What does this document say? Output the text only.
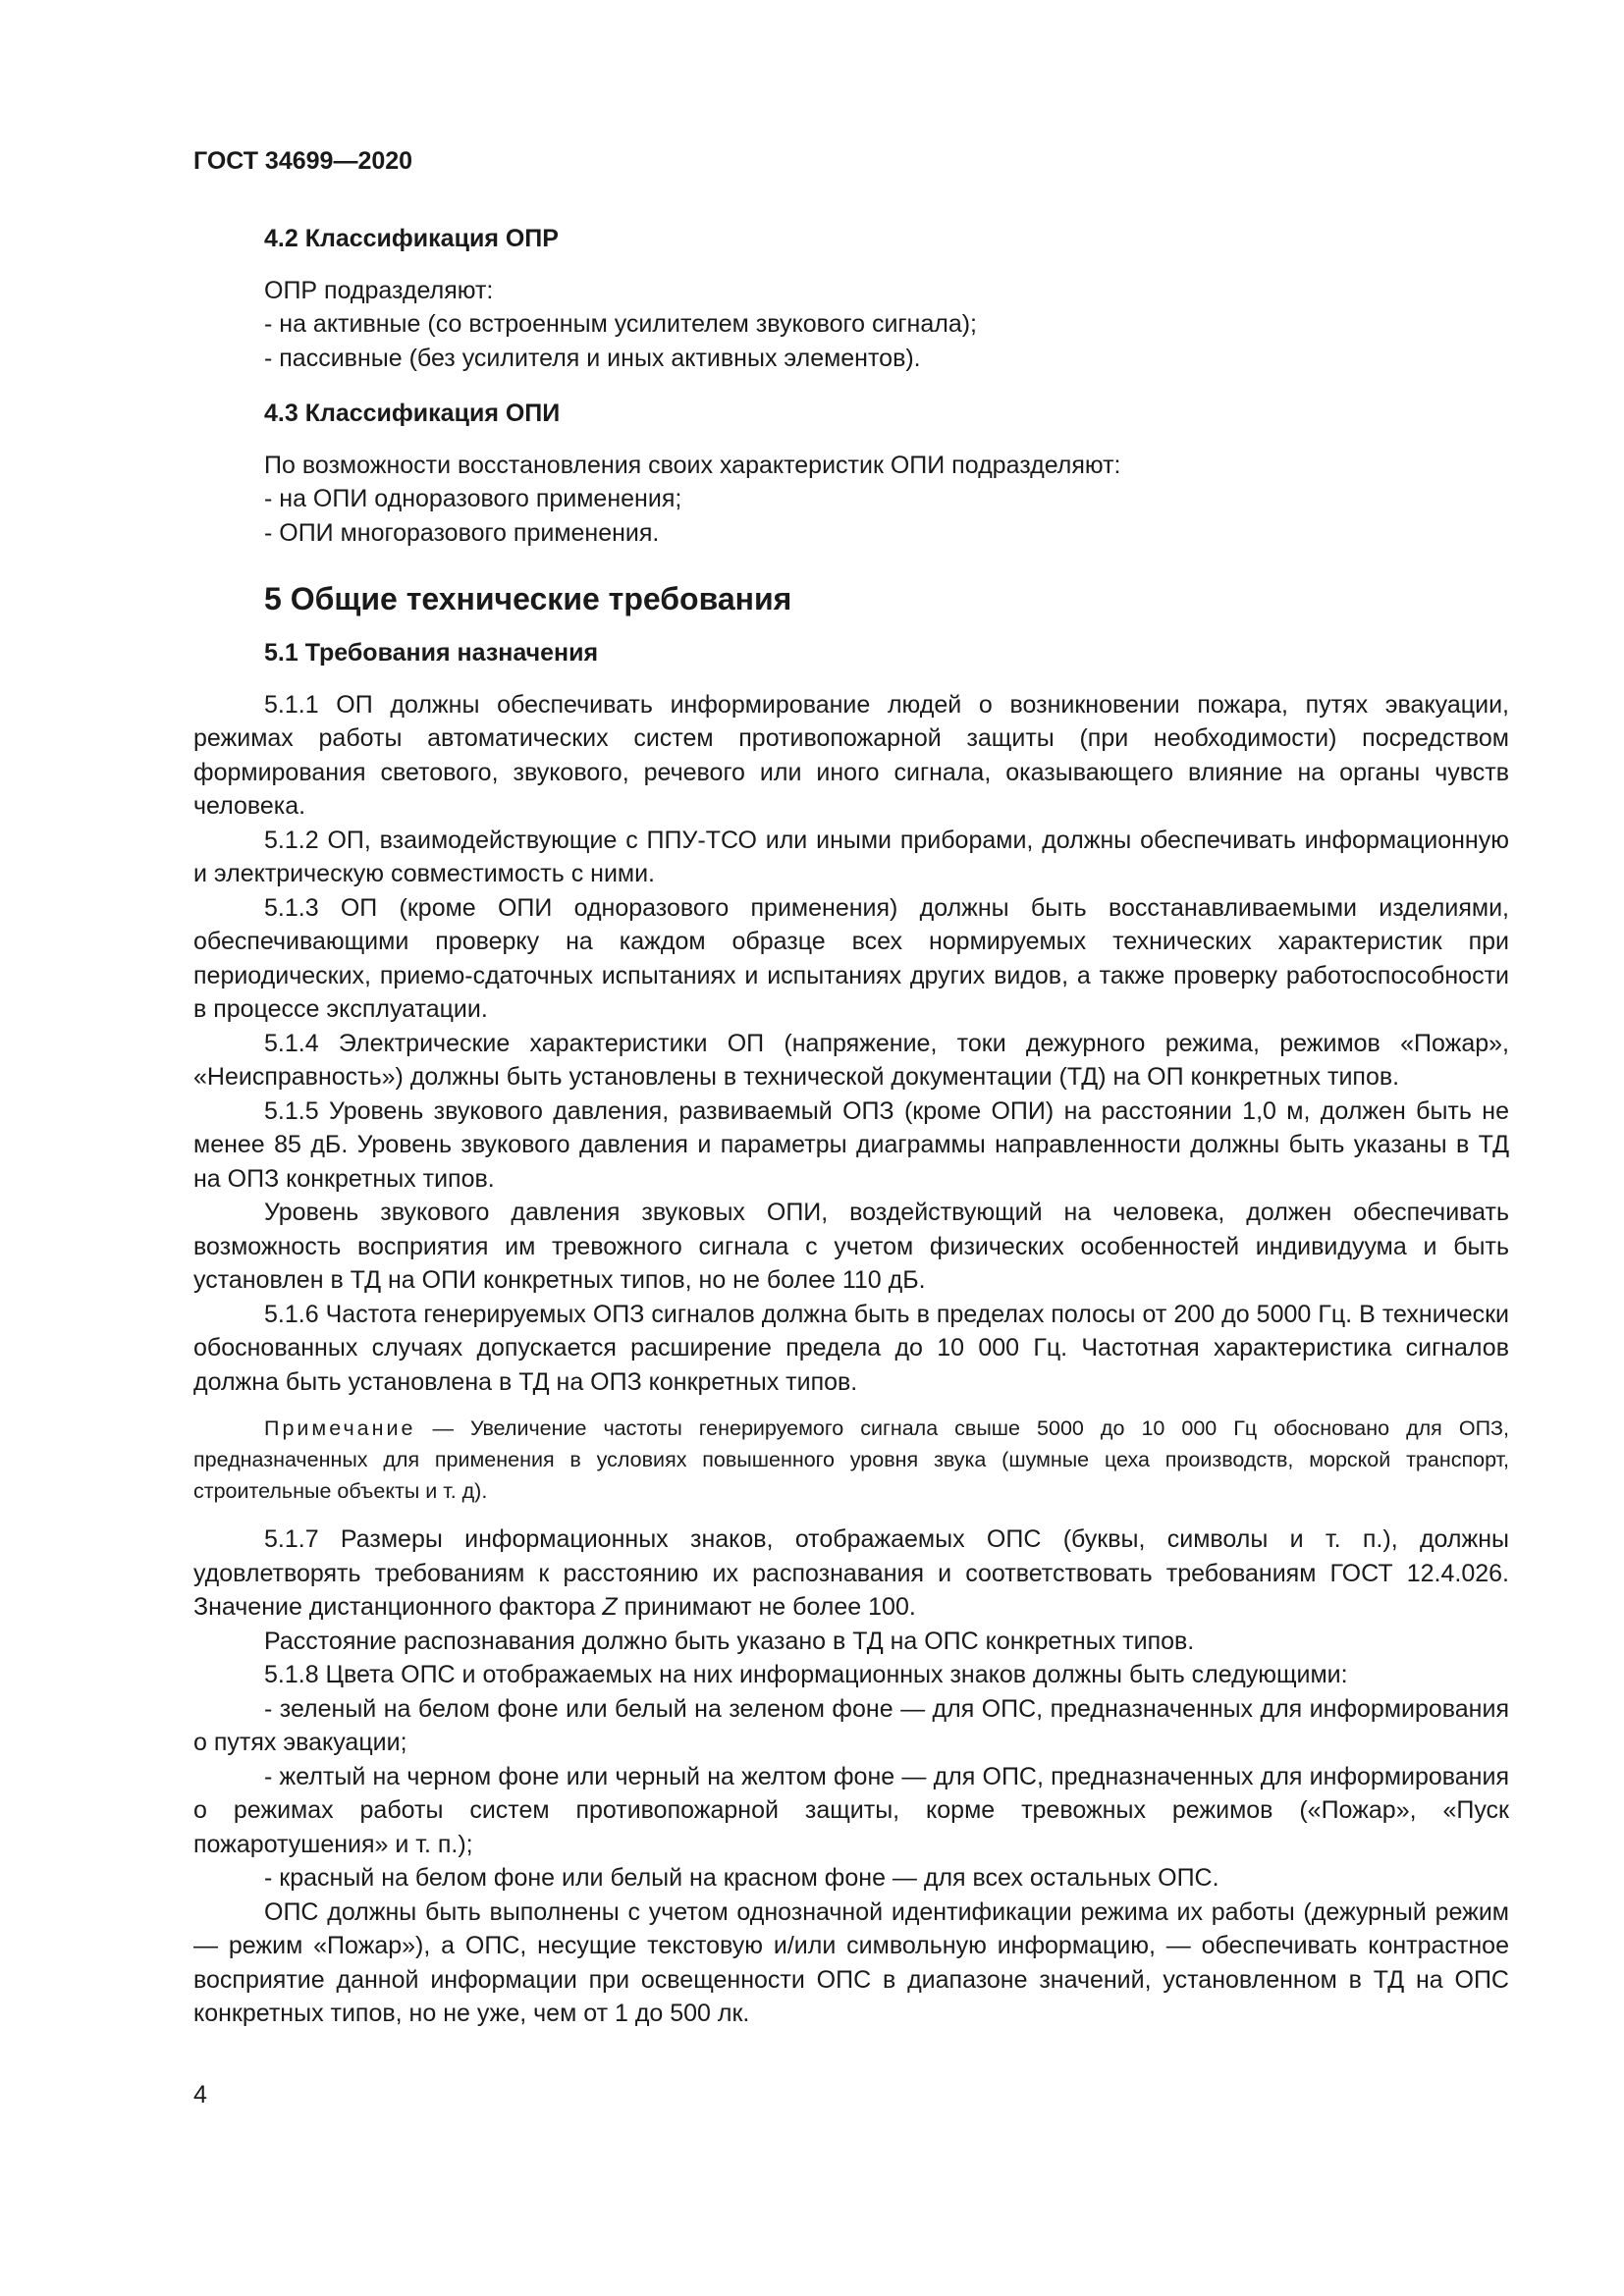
ГОСТ 34699—2020

4.2 Классификация ОПР

ОПР подразделяют:

- на активные (со встроенным усилителем звукового сигнала);

- пассивные (без усилителя и иных активных элементов).

4.3 Классификация ОПИ

По возможности восстановления своих характеристик ОПИ подразделяют:

- на ОПИ одноразового применения;

- ОПИ многоразового применения.

5 Общие технические требования
5.1 Требования назначения

5.1.1 ОП должны обеспечивать информирование людей о возникновении пожара, путях эвакуации, режимах работы автоматических систем противопожарной защиты (при необходимости) посредством формирования светового, звукового, речевого или иного сигнала, оказывающего влияние на органы чувств человека.

5.1.2 ОП, взаимодействующие с ППУ-ТСО или иными приборами, должны обеспечивать информационную и электрическую совместимость с ними.

5.1.3 ОП (кроме ОПИ одноразового применения) должны быть восстанавливаемыми изделиями, обеспечивающими проверку на каждом образце всех нормируемых технических характеристик при периодических, приемо-сдаточных испытаниях и испытаниях других видов, а также проверку работоспособности в процессе эксплуатации.

5.1.4 Электрические характеристики ОП (напряжение, токи дежурного режима, режимов «Пожар», «Неисправность») должны быть установлены в технической документации (ТД) на ОП конкретных типов.

5.1.5 Уровень звукового давления, развиваемый ОПЗ (кроме ОПИ) на расстоянии 1,0 м, должен быть не менее 85 дБ. Уровень звукового давления и параметры диаграммы направленности должны быть указаны в ТД на ОПЗ конкретных типов.

Уровень звукового давления звуковых ОПИ, воздействующий на человека, должен обеспечивать возможность восприятия им тревожного сигнала с учетом физических особенностей индивидуума и быть установлен в ТД на ОПИ конкретных типов, но не более 110 дБ.

5.1.6 Частота генерируемых ОПЗ сигналов должна быть в пределах полосы от 200 до 5000 Гц. В технически обоснованных случаях допускается расширение предела до 10 000 Гц. Частотная характеристика сигналов должна быть установлена в ТД на ОПЗ конкретных типов.

Примечание — Увеличение частоты генерируемого сигнала свыше 5000 до 10 000 Гц обосновано для ОПЗ, предназначенных для применения в условиях повышенного уровня звука (шумные цеха производств, морской транспорт, строительные объекты и т. д).

5.1.7 Размеры информационных знаков, отображаемых ОПС (буквы, символы и т. п.), должны удовлетворять требованиям к расстоянию их распознавания и соответствовать требованиям ГОСТ 12.4.026. Значение дистанционного фактора Z принимают не более 100.

Расстояние распознавания должно быть указано в ТД на ОПС конкретных типов.

5.1.8 Цвета ОПС и отображаемых на них информационных знаков должны быть следующими:

- зеленый на белом фоне или белый на зеленом фоне — для ОПС, предназначенных для информирования о путях эвакуации;

- желтый на черном фоне или черный на желтом фоне — для ОПС, предназначенных для информирования о режимах работы систем противопожарной защиты, корме тревожных режимов («Пожар», «Пуск пожаротушения» и т. п.);

- красный на белом фоне или белый на красном фоне — для всех остальных ОПС.

ОПС должны быть выполнены с учетом однозначной идентификации режима их работы (дежурный режим — режим «Пожар»), а ОПС, несущие текстовую и/или символьную информацию, — обеспечивать контрастное восприятие данной информации при освещенности ОПС в диапазоне значений, установленном в ТД на ОПС конкретных типов, но не уже, чем от 1 до 500 лк.

4
